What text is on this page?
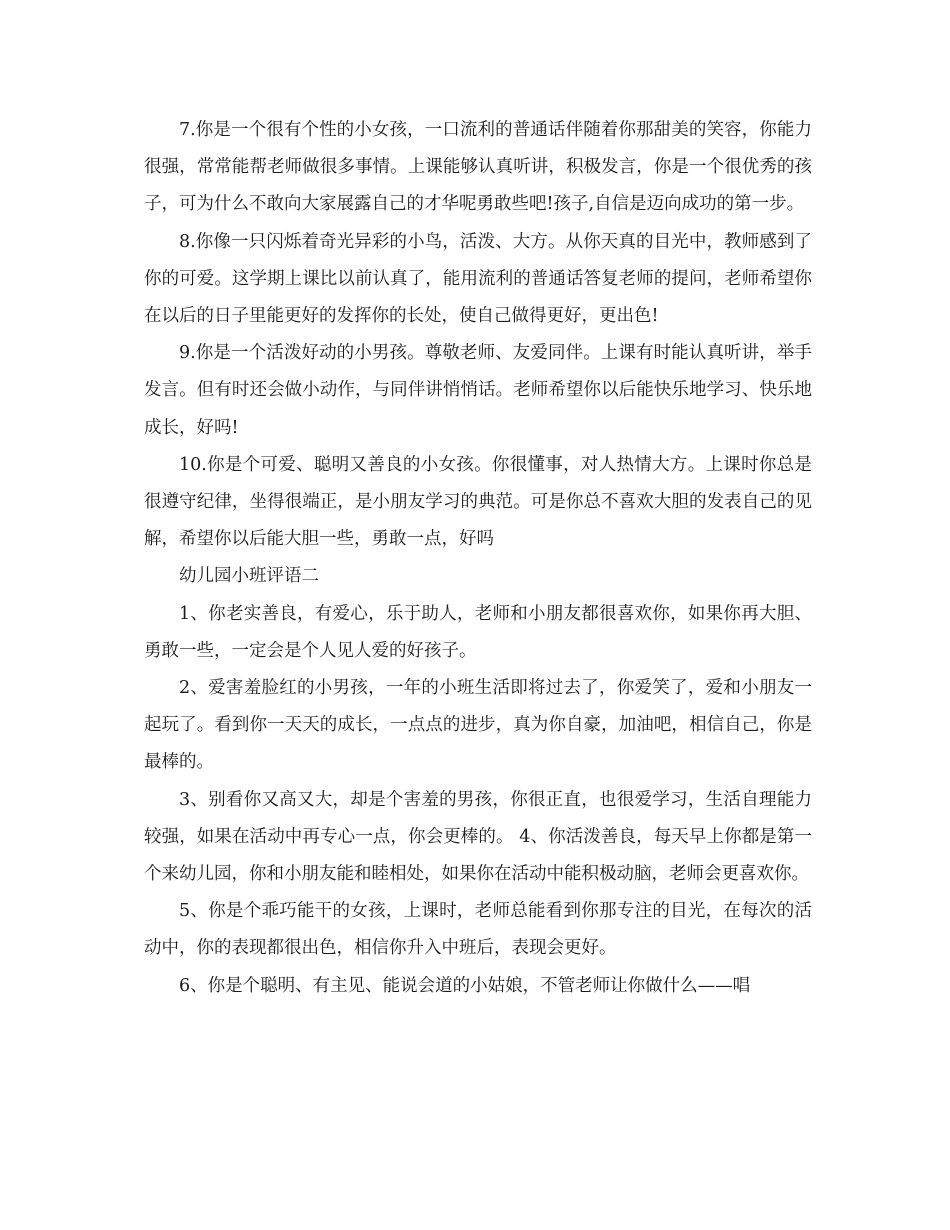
7.你是一个很有个性的小女孩，一口流利的普通话伴随着你那甜美的笑容，你能力很强，常常能帮老师做很多事情。上课能够认真听讲，积极发言，你是一个很优秀的孩子，可为什么不敢向大家展露自己的才华呢勇敢些吧!孩子,自信是迈向成功的第一步。

8.你像一只闪烁着奇光异彩的小鸟，活泼、大方。从你天真的目光中，教师感到了你的可爱。这学期上课比以前认真了，能用流利的普通话答复老师的提问，老师希望你在以后的日子里能更好的发挥你的长处，使自己做得更好，更出色!

9.你是一个活泼好动的小男孩。尊敬老师、友爱同伴。上课有时能认真听讲，举手发言。但有时还会做小动作，与同伴讲悄悄话。老师希望你以后能快乐地学习、快乐地成长，好吗!

10.你是个可爱、聪明又善良的小女孩。你很懂事，对人热情大方。上课时你总是很遵守纪律，坐得很端正，是小朋友学习的典范。可是你总不喜欢大胆的发表自己的见解，希望你以后能大胆一些，勇敢一点，好吗

幼儿园小班评语二

1、你老实善良，有爱心，乐于助人，老师和小朋友都很喜欢你，如果你再大胆、勇敢一些，一定会是个人见人爱的好孩子。

2、爱害羞脸红的小男孩，一年的小班生活即将过去了，你爱笑了，爱和小朋友一起玩了。看到你一天天的成长，一点点的进步，真为你自豪，加油吧，相信自己，你是最棒的。

3、别看你又高又大，却是个害羞的男孩，你很正直，也很爱学习，生活自理能力较强，如果在活动中再专心一点，你会更棒的。 4、你活泼善良，每天早上你都是第一个来幼儿园，你和小朋友能和睦相处，如果你在活动中能积极动脑，老师会更喜欢你。

5、你是个乖巧能干的女孩，上课时，老师总能看到你那专注的目光，在每次的活动中，你的表现都很出色，相信你升入中班后，表现会更好。

6、你是个聪明、有主见、能说会道的小姑娘，不管老师让你做什么——唱
